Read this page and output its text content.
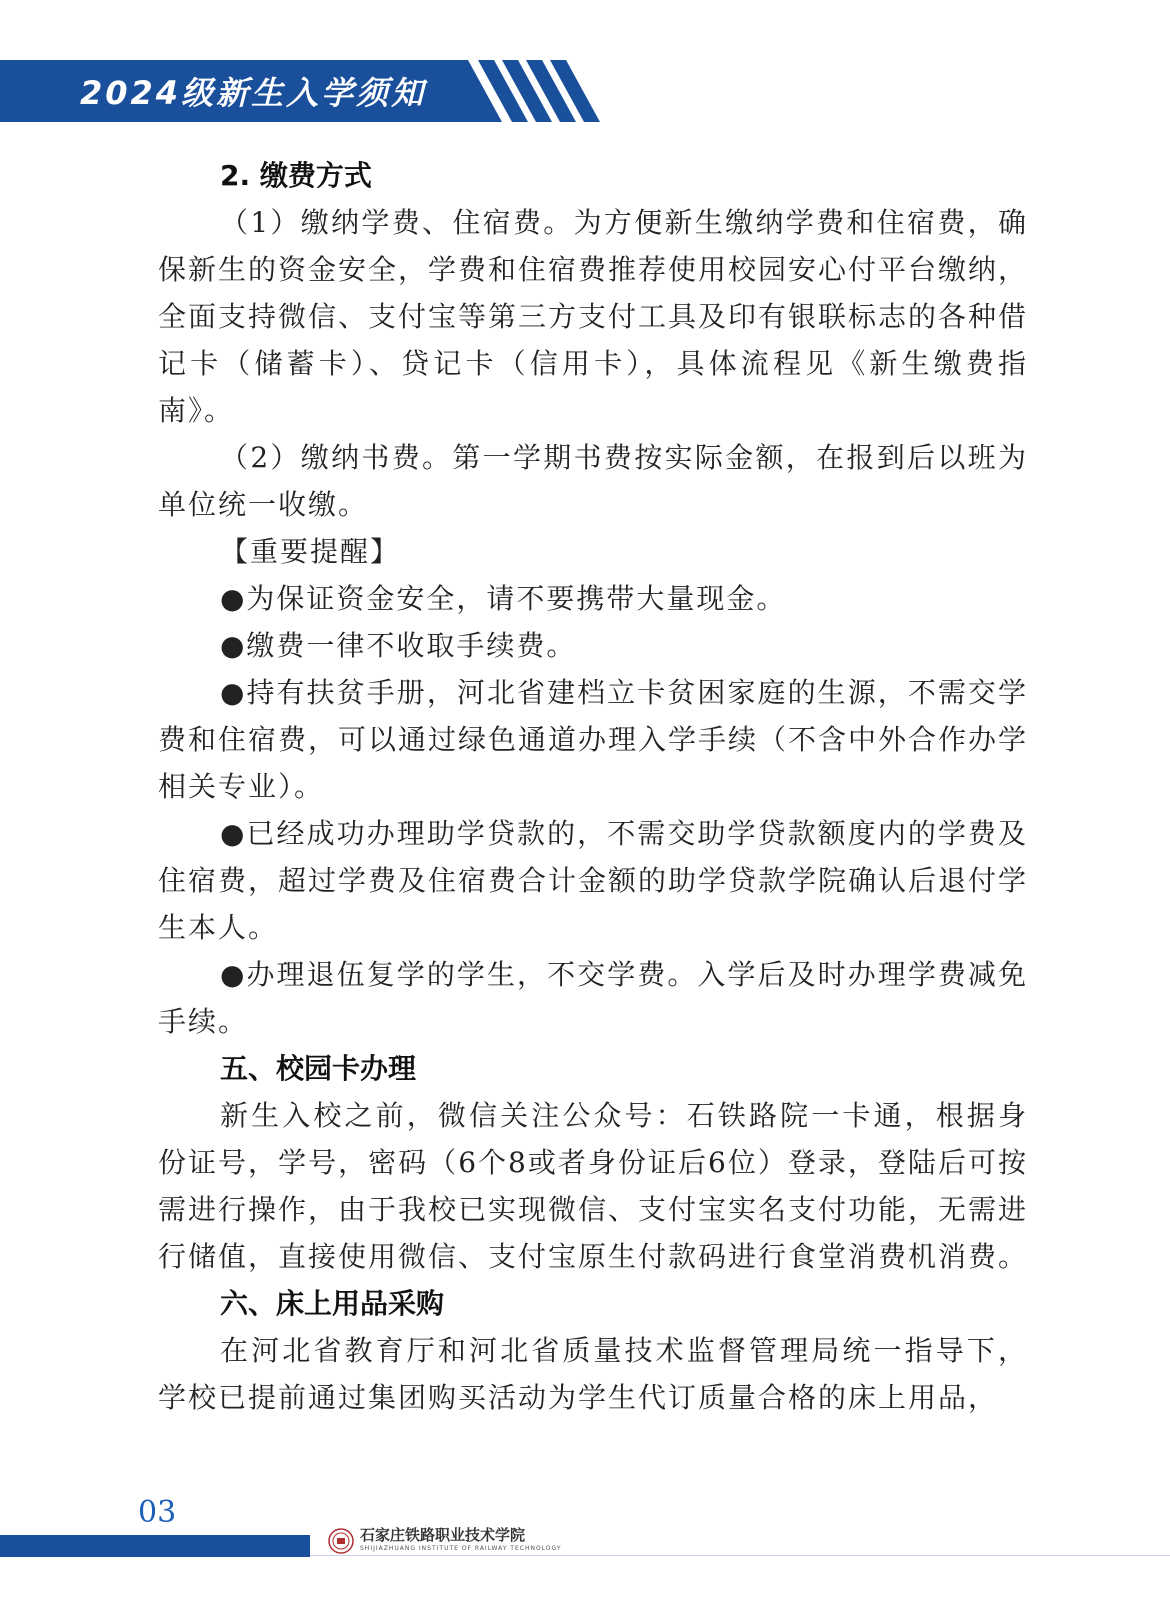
2024级新生入学须知

2. 缴费方式

（1）缴纳学费、住宿费。为方便新生缴纳学费和住宿费，确保新生的资金安全，学费和住宿费推荐使用校园安心付平台缴纳，全面支持微信、支付宝等第三方支付工具及印有银联标志的各种借记卡（储蓄卡）、贷记卡（信用卡），具体流程见《新生缴费指南》。

（2）缴纳书费。第一学期书费按实际金额，在报到后以班为单位统一收缴。

【重要提醒】

●为保证资金安全，请不要携带大量现金。

●缴费一律不收取手续费。

●持有扶贫手册，河北省建档立卡贫困家庭的生源，不需交学费和住宿费，可以通过绿色通道办理入学手续（不含中外合作办学相关专业）。

●已经成功办理助学贷款的，不需交助学贷款额度内的学费及住宿费，超过学费及住宿费合计金额的助学贷款学院确认后退付学生本人。

●办理退伍复学的学生，不交学费。入学后及时办理学费减免手续。

五、校园卡办理

新生入校之前，微信关注公众号：石铁路院一卡通，根据身份证号，学号，密码（6个8或者身份证后6位）登录，登陆后可按需进行操作，由于我校已实现微信、支付宝实名支付功能，无需进行储值，直接使用微信、支付宝原生付款码进行食堂消费机消费。

六、床上用品采购

在河北省教育厅和河北省质量技术监督管理局统一指导下，学校已提前通过集团购买活动为学生代订质量合格的床上用品，

03
石家庄铁路职业技术学院
SHIJIAZHUANG INSTITUTE OF RAILWAY TECHNOLOGY
